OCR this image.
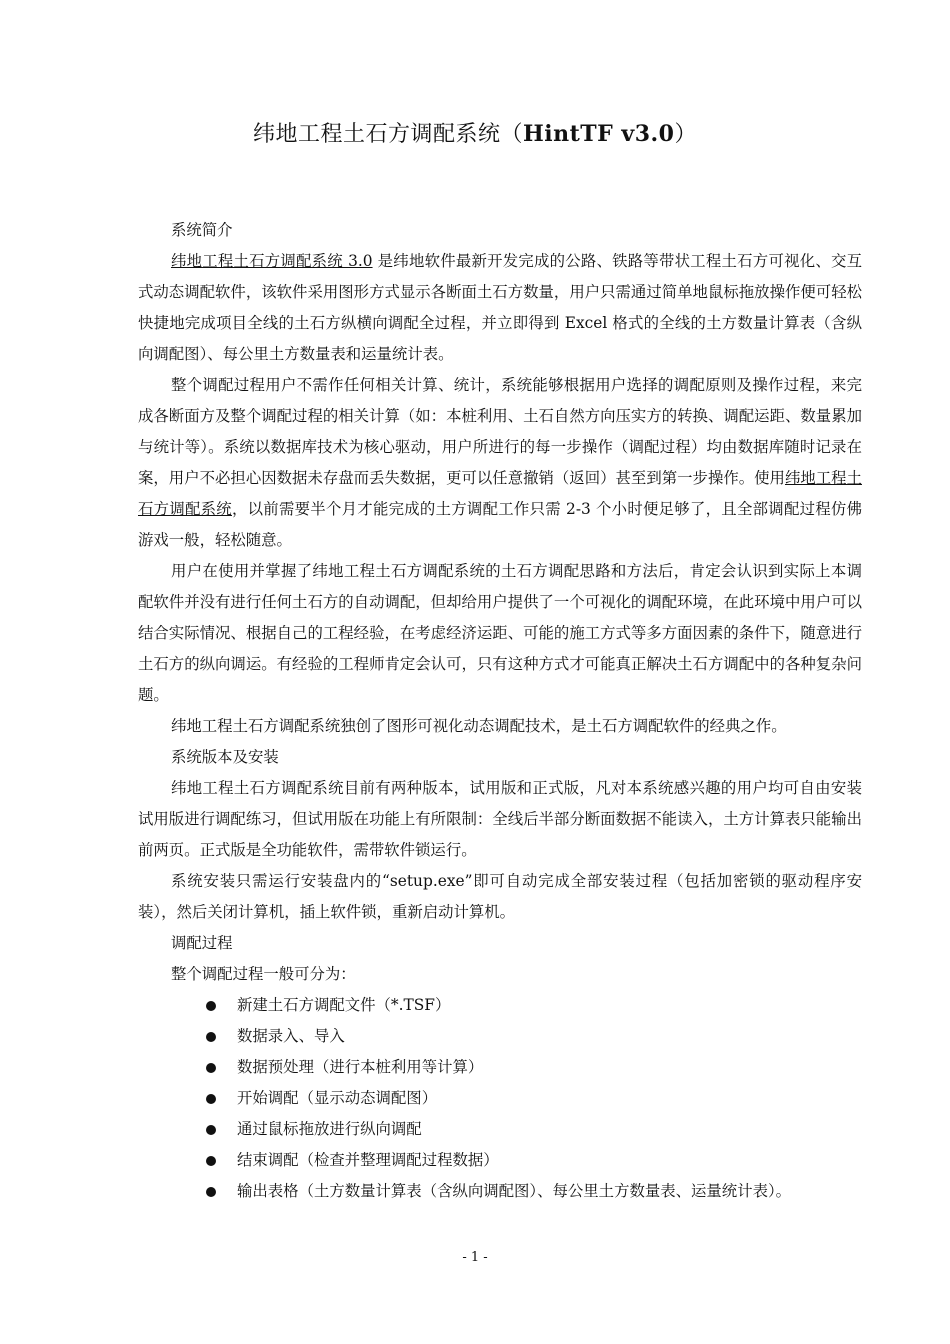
纬地工程土石方调配系统（HintTF v3.0）

系统简介

纬地工程土石方调配系统 3.0 是纬地软件最新开发完成的公路、铁路等带状工程土石方可视化、交互式动态调配软件，该软件采用图形方式显示各断面土石方数量，用户只需通过简单地鼠标拖放操作便可轻松快捷地完成项目全线的土石方纵横向调配全过程，并立即得到 Excel 格式的全线的土方数量计算表（含纵向调配图）、每公里土方数量表和运量统计表。

整个调配过程用户不需作任何相关计算、统计，系统能够根据用户选择的调配原则及操作过程，来完成各断面方及整个调配过程的相关计算（如：本桩利用、土石自然方向压实方的转换、调配运距、数量累加与统计等）。系统以数据库技术为核心驱动，用户所进行的每一步操作（调配过程）均由数据库随时记录在案，用户不必担心因数据未存盘而丢失数据，更可以任意撤销（返回）甚至到第一步操作。使用纬地工程土石方调配系统，以前需要半个月才能完成的土方调配工作只需 2-3 个小时便足够了，且全部调配过程仿佛游戏一般，轻松随意。

用户在使用并掌握了纬地工程土石方调配系统的土石方调配思路和方法后，肯定会认识到实际上本调配软件并没有进行任何土石方的自动调配，但却给用户提供了一个可视化的调配环境，在此环境中用户可以结合实际情况、根据自己的工程经验，在考虑经济运距、可能的施工方式等多方面因素的条件下，随意进行土石方的纵向调运。有经验的工程师肯定会认可，只有这种方式才可能真正解决土石方调配中的各种复杂问题。

纬地工程土石方调配系统独创了图形可视化动态调配技术，是土石方调配软件的经典之作。

系统版本及安装

纬地工程土石方调配系统目前有两种版本，试用版和正式版，凡对本系统感兴趣的用户均可自由安装试用版进行调配练习，但试用版在功能上有所限制：全线后半部分断面数据不能读入，土方计算表只能输出前两页。正式版是全功能软件，需带软件锁运行。

系统安装只需运行安装盘内的“setup.exe”即可自动完成全部安装过程（包括加密锁的驱动程序安装），然后关闭计算机，插上软件锁，重新启动计算机。

调配过程

整个调配过程一般可分为：

新建土石方调配文件（*.TSF）
数据录入、导入
数据预处理（进行本桩利用等计算）
开始调配（显示动态调配图）
通过鼠标拖放进行纵向调配
结束调配（检查并整理调配过程数据）
输出表格（土方数量计算表（含纵向调配图）、每公里土方数量表、运量统计表）。
- 1 -
